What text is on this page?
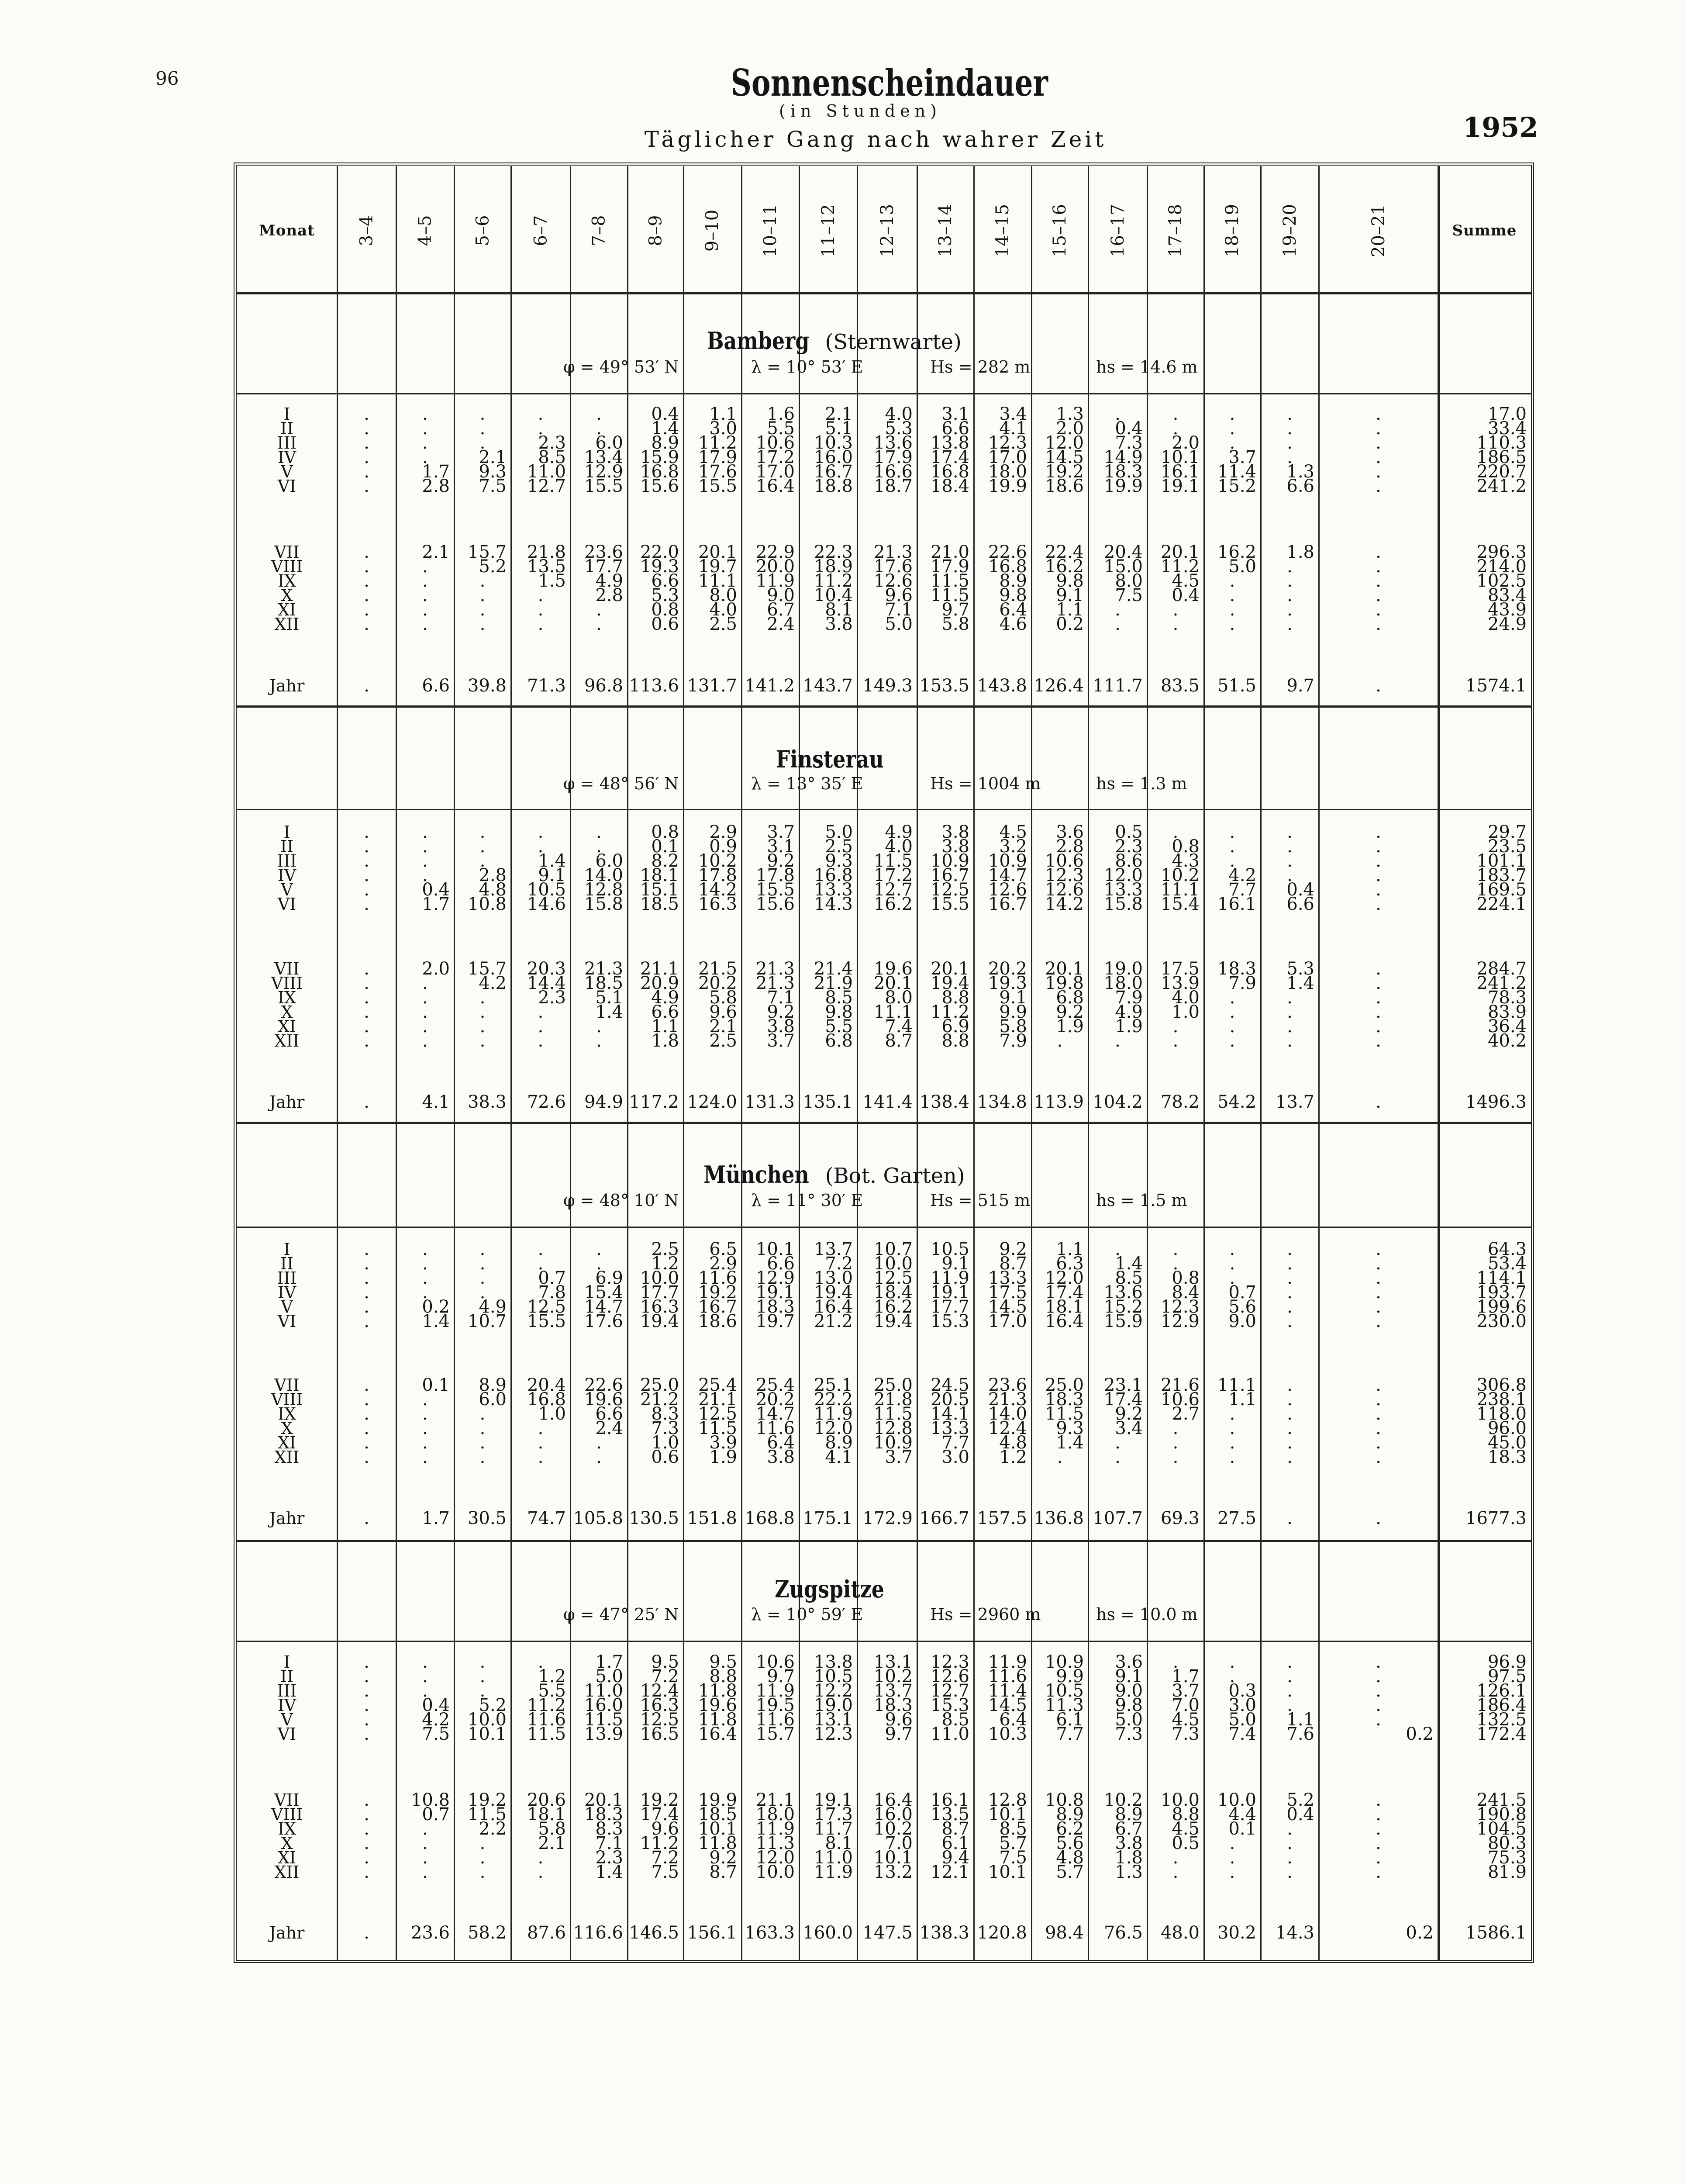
96	Sonnenscheindauer
(in Stunden)
Täglicher Gang nach wahrer Zeit	1952
Monat 3–4 4–5 5–6 6–7 7–8 8–9 9–10 10–11 11–12 12–13 13–14 14–15 15–16 16–17 17–18 18–19 19–20	20–21	Summe
Bamberg (Sternwarte)
φ = 49° 53′ N	λ = 10° 53′ E	Hs = 282 m	hs = 14.6 m
I	.	.	.	.	.	0.4	1.1	1.6	2.1	4.0	3.1	3.4	1.3	.	.	.	.	.	17.0
II	.	.	.	.	.	1.4	3.0	5.5	5.1	5.3	6.6	4.1	2.0	0.4	.	.	.	.	33.4
III	.	.	.	2.3	6.0	8.9	11.2	10.6	10.3	13.6	13.8	12.3	12.0	7.3	2.0	.	.	.	110.3
IV	.	.	2.1	8.5	13.4 15.9	17.9	17.2	16.0	17.9	17.4	17.0	14.5	14.9	10.1	3.7	.	.	186.5
V	.	1.7	9.3	11.0	12.9 16.8	17.6	17.0	16.7	16.6	16.8	18.0	19.2	18.3	16.1	11.4	1.3	.	220.7
VI	.	2.8	7.5	12.7	15.5 15.6	15.5	16.4	18.8	18.7	18.4	19.9	18.6	19.9	19.1	15.2	6.6	.	241.2
VII	.	2.1	15.7	21.8	23.6 22.0	20.1	22.9	22.3	21.3	21.0	22.6	22.4	20.4	20.1	16.2	1.8	.	296.3
VIII	.	.	5.2	13.5	17.7 19.3	19.7	20.0	18.9	17.6	17.9	16.8	16.2	15.0	11.2	5.0	.	.	214.0
IX	.	.	.	1.5	4.9	6.6	11.1	11.9	11.2	12.6	11.5	8.9	9.8	8.0	4.5	.	.	.	102.5
X	.	.	.	.	2.8	5.3	8.0	9.0	10.4	9.6	11.5	9.8	9.1	7.5	0.4	.	.	.	83.4
XI	.	.	.	.	.	0.8	4.0	6.7	8.1	7.1	9.7	6.4	1.1	.	.	.	.	.	43.9
XII	.	.	.	.	.	0.6	2.5	2.4	3.8	5.0	5.8	4.6	0.2	.	.	.	.	.	24.9
Jahr	.	6.6	39.8	71.3	96.8 113.6 131.7 141.2 143.7 149.3 153.5 143.8 126.4 111.7	83.5	51.5	9.7	.	1574.1
Finsterau
φ = 48° 56′ N	λ = 13° 35′ E	Hs = 1004 m	hs = 1.3 m
I	.	.	.	.	.	0.8	2.9	3.7	5.0	4.9	3.8	4.5	3.6	0.5	.	.	.	.	29.7
II	.	.	.	.	.	0.1	0.9	3.1	2.5	4.0	3.8	3.2	2.8	2.3	0.8	.	.	.	23.5
III	.	.	.	1.4	6.0	8.2	10.2	9.2	9.3	11.5	10.9	10.9	10.6	8.6	4.3	.	.	.	101.1
IV	.	.	2.8	9.1	14.0 18.1	17.8	17.8	16.8	17.2	16.7	14.7	12.3	12.0	10.2	4.2	.	.	183.7
V	.	0.4	4.8	10.5	12.8 15.1	14.2	15.5	13.3	12.7	12.5	12.6	12.6	13.3	11.1	7.7	0.4	.	169.5
VI	.	1.7	10.8	14.6	15.8 18.5	16.3	15.6	14.3	16.2	15.5	16.7	14.2	15.8	15.4	16.1	6.6	.	224.1
VII	.	2.0	15.7	20.3	21.3 21.1	21.5	21.3	21.4	19.6	20.1	20.2	20.1	19.0	17.5	18.3	5.3	.	284.7
VIII	.	.	4.2	14.4	18.5 20.9	20.2	21.3	21.9	20.1	19.4	19.3	19.8	18.0	13.9	7.9	1.4	.	241.2
IX	.	.	.	2.3	5.1	4.9	5.8	7.1	8.5	8.0	8.8	9.1	6.8	7.9	4.0	.	.	.	78.3
X	.	.	.	.	1.4	6.6	9.6	9.2	9.8	11.1	11.2	9.9	9.2	4.9	1.0	.	.	.	83.9
XI	.	.	.	.	.	1.1	2.1	3.8	5.5	7.4	6.9	5.8	1.9	1.9	.	.	.	.	36.4
XII	.	.	.	.	.	1.8	2.5	3.7	6.8	8.7	8.8	7.9	.	.	.	.	.	.	40.2
Jahr	.	4.1	38.3	72.6	94.9 117.2 124.0 131.3 135.1 141.4 138.4 134.8 113.9 104.2	78.2	54.2	13.7	.	1496.3
München (Bot. Garten)
φ = 48° 10′ N	λ = 11° 30′ E	Hs = 515 m	hs = 1.5 m
I	.	.	.	.	.	2.5	6.5	10.1	13.7	10.7	10.5	9.2	1.1	.	.	.	.	.	64.3
II	.	.	.	.	.	1.2	2.9	6.6	7.2	10.0	9.1	8.7	6.3	1.4	.	.	.	.	53.4
III	.	.	.	0.7	6.9 10.0	11.6	12.9	13.0	12.5	11.9	13.3	12.0	8.5	0.8	.	.	.	114.1
IV	.	.	.	7.8	15.4 17.7	19.2	19.1	19.4	18.4	19.1	17.5	17.4	13.6	8.4	0.7	.	.	193.7
V	.	0.2	4.9	12.5	14.7 16.3	16.7	18.3	16.4	16.2	17.7	14.5	18.1	15.2	12.3	5.6	.	.	199.6
VI	.	1.4	10.7	15.5	17.6 19.4	18.6	19.7	21.2	19.4	15.3	17.0	16.4	15.9	12.9	9.0	.	.	230.0
VII	.	0.1	8.9	20.4	22.6 25.0	25.4	25.4	25.1	25.0	24.5	23.6	25.0	23.1	21.6	11.1	.	.	306.8
VIII	.	.	6.0	16.8	19.6 21.2	21.1	20.2	22.2	21.8	20.5	21.3	18.3	17.4	10.6	1.1	.	.	238.1
IX	.	.	.	1.0	6.6	8.3	12.5	14.7	11.9	11.5	14.1	14.0	11.5	9.2	2.7	.	.	.	118.0
X	.	.	.	.	2.4	7.3	11.5	11.6	12.0	12.8	13.3	12.4	9.3	3.4	.	.	.	.	96.0
XI	.	.	.	.	.	1.0	3.9	6.4	8.9	10.9	7.7	4.8	1.4	.	.	.	.	.	45.0
XII	.	.	.	.	.	0.6	1.9	3.8	4.1	3.7	3.0	1.2	.	.	.	.	.	.	18.3
Jahr	.	1.7	30.5	74.7 105.8 130.5 151.8 168.8 175.1 172.9 166.7 157.5 136.8 107.7	69.3	27.5	.	.	1677.3
Zugspitze
φ = 47° 25′ N	λ = 10° 59′ E	Hs = 2960 m	hs = 10.0 m
I	.	.	.	.	1.7	9.5	9.5	10.6	13.8	13.1	12.3	11.9	10.9	3.6	.	.	.	.	96.9
II	.	.	.	1.2	5.0	7.2	8.8	9.7	10.5	10.2	12.6	11.6	9.9	9.1	1.7	.	.	.	97.5
III	.	.	.	5.5	11.0 12.4	11.8	11.9	12.2	13.7	12.7	11.4	10.5	9.0	3.7	0.3	.	.	126.1
IV	.	0.4	5.2	11.2	16.0 16.3	19.6	19.5	19.0	18.3	15.3	14.5	11.3	9.8	7.0	3.0	.	.	186.4
V	.	4.2	10.0	11.6	11.5 12.5	11.8	11.6	13.1	9.6	8.5	6.4	6.1	5.0	4.5	5.0	1.1	.	132.5
VI	.	7.5	10.1	11.5	13.9 16.5	16.4	15.7	12.3	9.7	11.0	10.3	7.7	7.3	7.3	7.4	7.6	0.2	172.4
VII	.	10.8	19.2	20.6	20.1 19.2	19.9	21.1	19.1	16.4	16.1	12.8	10.8	10.2	10.0	10.0	5.2	.	241.5
VIII	.	0.7	11.5	18.1	18.3 17.4	18.5	18.0	17.3	16.0	13.5	10.1	8.9	8.9	8.8	4.4	0.4	.	190.8
IX	.	.	2.2	5.8	8.3	9.6	10.1	11.9	11.7	10.2	8.7	8.5	6.2	6.7	4.5	0.1	.	.	104.5
X	.	.	.	2.1	7.1 11.2	11.8	11.3	8.1	7.0	6.1	5.7	5.6	3.8	0.5	.	.	.	80.3
XI	.	.	.	.	2.3	7.2	9.2	12.0	11.0	10.1	9.4	7.5	4.8	1.8	.	.	.	.	75.3
XII	.	.	.	.	1.4	7.5	8.7	10.0	11.9	13.2	12.1	10.1	5.7	1.3	.	.	.	.	81.9
Jahr	.	23.6	58.2	87.6 116.6 146.5 156.1 163.3 160.0 147.5 138.3 120.8	98.4	76.5	48.0	30.2	14.3	0.2	1586.1
